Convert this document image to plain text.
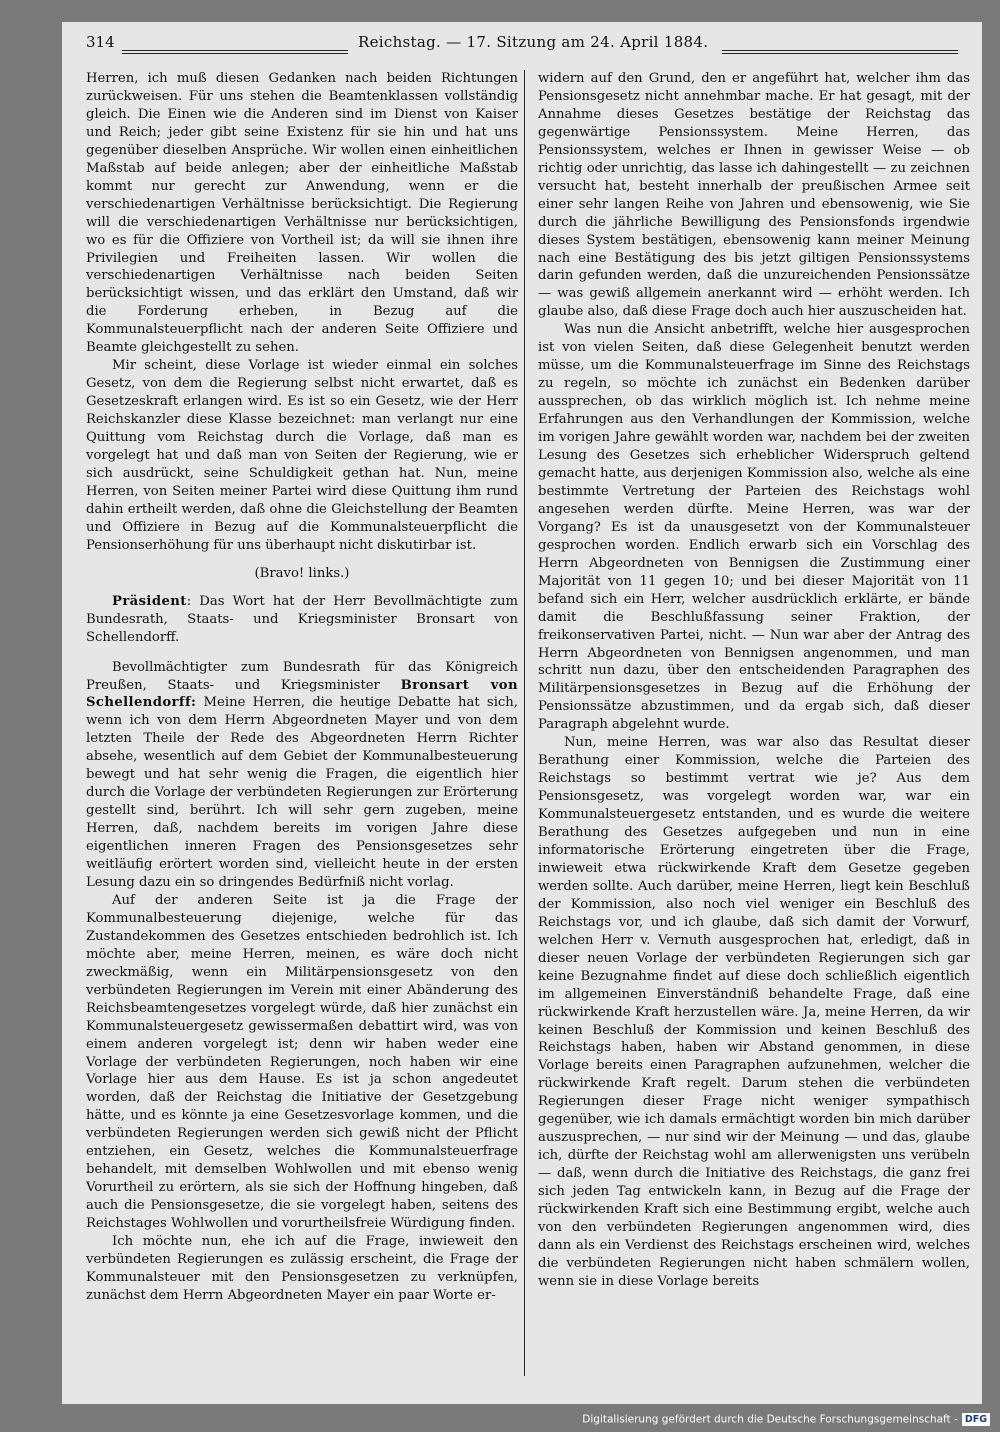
314	Reichstag. — 17. Sitzung am 24. April 1884.

Herren, ich muß diesen Gedanken nach beiden Richtungen zurückweisen. Für uns stehen die Beamtenklassen vollständig gleich. Die Einen wie die Anderen sind im Dienst von Kaiser und Reich; jeder gibt seine Existenz für sie hin und hat uns gegenüber dieselben Ansprüche. Wir wollen einen einheitlichen Maßstab auf beide anlegen; aber der einheitliche Maßstab kommt nur gerecht zur Anwendung, wenn er die verschiedenartigen Verhältnisse berücksichtigt. Die Regierung will die verschiedenartigen Verhältnisse nur berücksichtigen, wo es für die Offiziere von Vortheil ist; da will sie ihnen ihre Privilegien und Freiheiten lassen. Wir wollen die verschiedenartigen Verhältnisse nach beiden Seiten berücksichtigt wissen, und das erklärt den Umstand, daß wir die Forderung erheben, in Bezug auf die Kommunalsteuerpflicht nach der anderen Seite Offiziere und Beamte gleichgestellt zu sehen.

Mir scheint, diese Vorlage ist wieder einmal ein solches Gesetz, von dem die Regierung selbst nicht erwartet, daß es Gesetzeskraft erlangen wird. Es ist so ein Gesetz, wie der Herr Reichskanzler diese Klasse bezeichnet: man verlangt nur eine Quittung vom Reichstag durch die Vorlage, daß man es vorgelegt hat und daß man von Seiten der Regierung, wie er sich ausdrückt, seine Schuldigkeit gethan hat. Nun, meine Herren, von Seiten meiner Partei wird diese Quittung ihm rund dahin ertheilt werden, daß ohne die Gleichstellung der Beamten und Offiziere in Bezug auf die Kommunalsteuerpflicht die Pensionserhöhung für uns überhaupt nicht diskutirbar ist.

(Bravo! links.)

Präsident: Das Wort hat der Herr Bevollmächtigte zum Bundesrath, Staats- und Kriegsminister Bronsart von Schellendorff.

Bevollmächtigter zum Bundesrath für das Königreich Preußen, Staats- und Kriegsminister Bronsart von Schellendorff: Meine Herren, die heutige Debatte hat sich, wenn ich von dem Herrn Abgeordneten Mayer und von dem letzten Theile der Rede des Abgeordneten Herrn Richter absehe, wesentlich auf dem Gebiet der Kommunalbesteuerung bewegt und hat sehr wenig die Fragen, die eigentlich hier durch die Vorlage der verbündeten Regierungen zur Erörterung gestellt sind, berührt. Ich will sehr gern zugeben, meine Herren, daß, nachdem bereits im vorigen Jahre diese eigentlichen inneren Fragen des Pensionsgesetzes sehr weitläufig erörtert worden sind, vielleicht heute in der ersten Lesung dazu ein so dringendes Bedürfniß nicht vorlag.

Auf der anderen Seite ist ja die Frage der Kommunalbesteuerung diejenige, welche für das Zustandekommen des Gesetzes entschieden bedrohlich ist. Ich möchte aber, meine Herren, meinen, es wäre doch nicht zweckmäßig, wenn ein Militärpensionsgesetz von den verbündeten Regierungen im Verein mit einer Abänderung des Reichsbeamtengesetzes vorgelegt würde, daß hier zunächst ein Kommunalsteuergesetz gewissermaßen debattirt wird, was von einem anderen vorgelegt ist; denn wir haben weder eine Vorlage der verbündeten Regierungen, noch haben wir eine Vorlage hier aus dem Hause. Es ist ja schon angedeutet worden, daß der Reichstag die Initiative der Gesetzgebung hätte, und es könnte ja eine Gesetzesvorlage kommen, und die verbündeten Regierungen werden sich gewiß nicht der Pflicht entziehen, ein Gesetz, welches die Kommunalsteuerfrage behandelt, mit demselben Wohlwollen und mit ebenso wenig Vorurtheil zu erörtern, als sie sich der Hoffnung hingeben, daß auch die Pensionsgesetze, die sie vorgelegt haben, seitens des Reichstages Wohlwollen und vorurtheilsfreie Würdigung finden.

Ich möchte nun, ehe ich auf die Frage, inwieweit den verbündeten Regierungen es zulässig erscheint, die Frage der Kommunalsteuer mit den Pensionsgesetzen zu verknüpfen, zunächst dem Herrn Abgeordneten Mayer ein paar Worte er-

widern auf den Grund, den er angeführt hat, welcher ihm das Pensionsgesetz nicht annehmbar mache. Er hat gesagt, mit der Annahme dieses Gesetzes bestätige der Reichstag das gegenwärtige Pensionssystem. Meine Herren, das Pensionssystem, welches er Ihnen in gewisser Weise — ob richtig oder unrichtig, das lasse ich dahingestellt — zu zeichnen versucht hat, besteht innerhalb der preußischen Armee seit einer sehr langen Reihe von Jahren und ebensowenig, wie Sie durch die jährliche Bewilligung des Pensionsfonds irgendwie dieses System bestätigen, ebensowenig kann meiner Meinung nach eine Bestätigung des bis jetzt giltigen Pensionssystems darin gefunden werden, daß die unzureichenden Pensionssätze — was gewiß allgemein anerkannt wird — erhöht werden. Ich glaube also, daß diese Frage doch auch hier auszuscheiden hat.

Was nun die Ansicht anbetrifft, welche hier ausgesprochen ist von vielen Seiten, daß diese Gelegenheit benutzt werden müsse, um die Kommunalsteuerfrage im Sinne des Reichstags zu regeln, so möchte ich zunächst ein Bedenken darüber aussprechen, ob das wirklich möglich ist. Ich nehme meine Erfahrungen aus den Verhandlungen der Kommission, welche im vorigen Jahre gewählt worden war, nachdem bei der zweiten Lesung des Gesetzes sich erheblicher Widerspruch geltend gemacht hatte, aus derjenigen Kommission also, welche als eine bestimmte Vertretung der Parteien des Reichstags wohl angesehen werden dürfte. Meine Herren, was war der Vorgang? Es ist da unausgesetzt von der Kommunalsteuer gesprochen worden. Endlich erwarb sich ein Vorschlag des Herrn Abgeordneten von Bennigsen die Zustimmung einer Majorität von 11 gegen 10; und bei dieser Majorität von 11 befand sich ein Herr, welcher ausdrücklich erklärte, er bände damit die Beschlußfassung seiner Fraktion, der freikonservativen Partei, nicht. — Nun war aber der Antrag des Herrn Abgeordneten von Bennigsen angenommen, und man schritt nun dazu, über den entscheidenden Paragraphen des Militärpensionsgesetzes in Bezug auf die Erhöhung der Pensionssätze abzustimmen, und da ergab sich, daß dieser Paragraph abgelehnt wurde.

Nun, meine Herren, was war also das Resultat dieser Berathung einer Kommission, welche die Parteien des Reichstags so bestimmt vertrat wie je? Aus dem Pensionsgesetz, was vorgelegt worden war, war ein Kommunalsteuergesetz entstanden, und es wurde die weitere Berathung des Gesetzes aufgegeben und nun in eine informatorische Erörterung eingetreten über die Frage, inwieweit etwa rückwirkende Kraft dem Gesetze gegeben werden sollte. Auch darüber, meine Herren, liegt kein Beschluß der Kommission, also noch viel weniger ein Beschluß des Reichstags vor, und ich glaube, daß sich damit der Vorwurf, welchen Herr v. Vernuth ausgesprochen hat, erledigt, daß in dieser neuen Vorlage der verbündeten Regierungen sich gar keine Bezugnahme findet auf diese doch schließlich eigentlich im allgemeinen Einverständniß behandelte Frage, daß eine rückwirkende Kraft herzustellen wäre. Ja, meine Herren, da wir keinen Beschluß der Kommission und keinen Beschluß des Reichstags haben, haben wir Abstand genommen, in diese Vorlage bereits einen Paragraphen aufzunehmen, welcher die rückwirkende Kraft regelt. Darum stehen die verbündeten Regierungen dieser Frage nicht weniger sympathisch gegenüber, wie ich damals ermächtigt worden bin mich darüber auszusprechen, — nur sind wir der Meinung — und das, glaube ich, dürfte der Reichstag wohl am allerwenigsten uns verübeln — daß, wenn durch die Initiative des Reichstags, die ganz frei sich jeden Tag entwickeln kann, in Bezug auf die Frage der rückwirkenden Kraft sich eine Bestimmung ergibt, welche auch von den verbündeten Regierungen angenommen wird, dies dann als ein Verdienst des Reichstags erscheinen wird, welches die verbündeten Regierungen nicht haben schmälern wollen, wenn sie in diese Vorlage bereits

Digitalisierung gefördert durch die Deutsche Forschungsgemeinschaft - DFG
